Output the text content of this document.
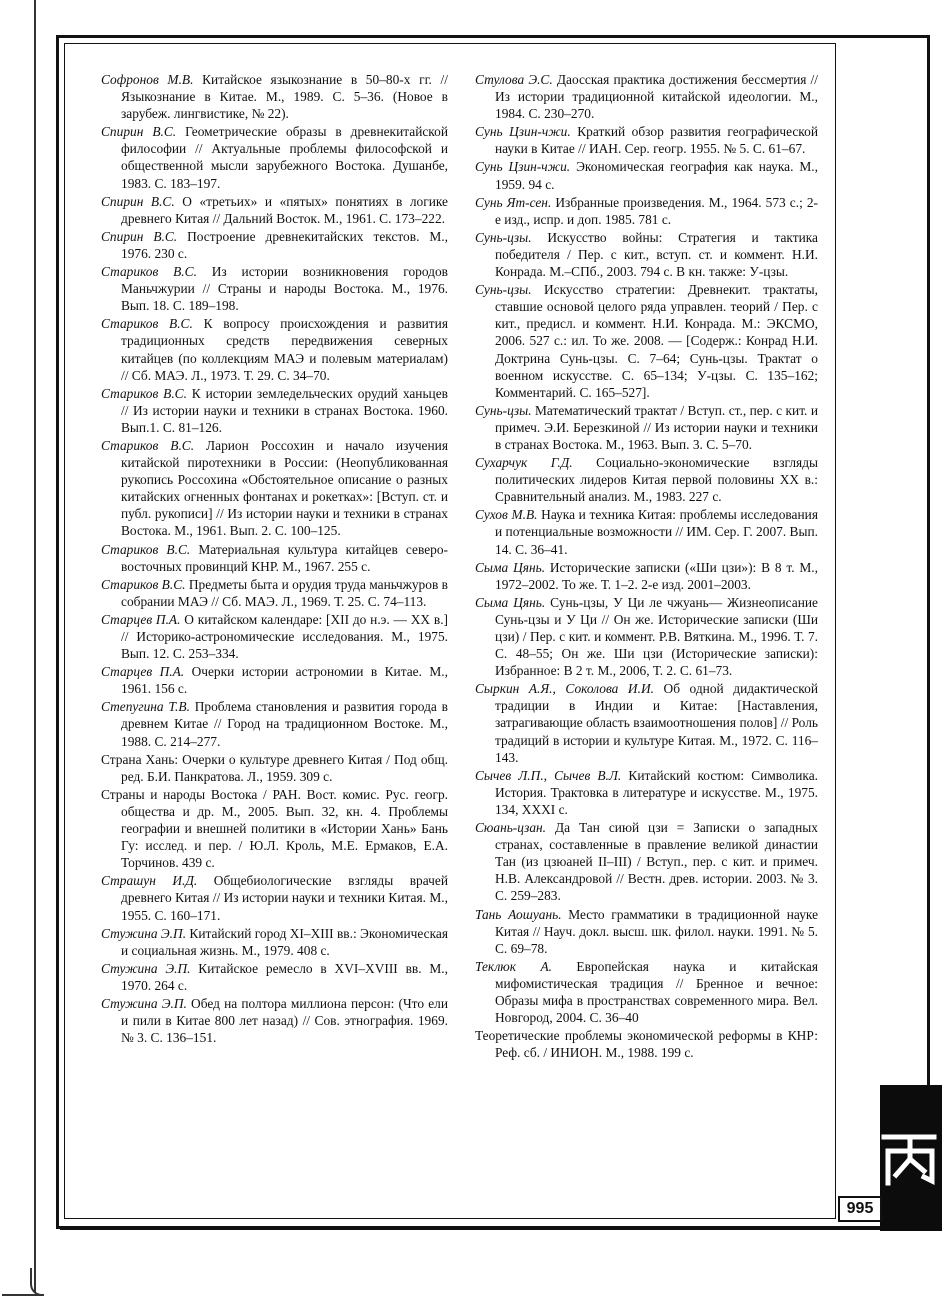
995

Софронов М.В. Китайское языкознание в 50–80-х гг. // Языкознание в Китае. М., 1989. С. 5–36. (Новое в зарубеж. лингвистике, № 22).

Спирин В.С. Геометрические образы в древнекитайской философии // Актуальные проблемы философской и общественной мысли зарубежного Востока. Душанбе, 1983. С. 183–197.

Спирин В.С. О «третьих» и «пятых» понятиях в логике древнего Китая // Дальний Восток. М., 1961. С. 173–222.

Спирин В.С. Построение древнекитайских текстов. М., 1976. 230 с.

Стариков В.С. Из истории возникновения городов Маньчжурии // Страны и народы Востока. М., 1976. Вып. 18. С. 189–198.

Стариков В.С. К вопросу происхождения и развития традиционных средств передвижения северных китайцев (по коллекциям МАЭ и полевым материалам) // Сб. МАЭ. Л., 1973. Т. 29. С. 34–70.

Стариков В.С. К истории земледельческих орудий ханьцев // Из истории науки и техники в странах Востока. 1960. Вып.1. С. 81–126.

Стариков В.С. Ларион Россохин и начало изучения китайской пиротехники в России: (Неопубликованная рукопись Россохина «Обстоятельное описание о разных китайских огненных фонтанах и рокетках»: [Вступ. ст. и публ. рукописи] // Из истории науки и техники в странах Востока. М., 1961. Вып. 2. С. 100–125.

Стариков В.С. Материальная культура китайцев северо-восточных провинций КНР. М., 1967. 255 с.

Стариков В.С. Предметы быта и орудия труда маньчжуров в собрании МАЭ // Сб. МАЭ. Л., 1969. Т. 25. С. 74–113.

Старцев П.А. О китайском календаре: [XII до н.э. — XX в.] // Историко-астрономические исследования. М., 1975. Вып. 12. С. 253–334.

Старцев П.А. Очерки истории астрономии в Китае. М., 1961. 156 с.

Степугина Т.В. Проблема становления и развития города в древнем Китае // Город на традиционном Востоке. М., 1988. С. 214–277.

Страна Хань: Очерки о культуре древнего Китая / Под общ. ред. Б.И. Панкратова. Л., 1959. 309 с.

Страны и народы Востока / РАН. Вост. комис. Рус. геогр. общества и др. М., 2005. Вып. 32, кн. 4. Проблемы географии и внешней политики в «Истории Хань» Бань Гу: исслед. и пер. / Ю.Л. Кроль, М.Е. Ермаков, Е.А. Торчинов. 439 с.

Страшун И.Д. Общебиологические взгляды врачей древнего Китая // Из истории науки и техники Китая. М., 1955. С. 160–171.

Стужина Э.П. Китайский город XI–XIII вв.: Экономическая и социальная жизнь. М., 1979. 408 с.

Стужина Э.П. Китайское ремесло в XVI–XVIII вв. М., 1970. 264 с.

Стужина Э.П. Обед на полтора миллиона персон: (Что ели и пили в Китае 800 лет назад) // Сов. этнография. 1969. № 3. С. 136–151.

Стулова Э.С. Даосская практика достижения бессмертия // Из истории традиционной китайской идеологии. М., 1984. С. 230–270.

Сунь Цзин-чжи. Краткий обзор развития географической науки в Китае // ИАН. Сер. геогр. 1955. № 5. С. 61–67.

Сунь Цзин-чжи. Экономическая география как наука. М., 1959. 94 с.

Сунь Ят-сен. Избранные произведения. М., 1964. 573 с.; 2-е изд., испр. и доп. 1985. 781 с.

Сунь-цзы. Искусство войны: Стратегия и тактика победителя / Пер. с кит., вступ. ст. и коммент. Н.И. Конрада. М.–СПб., 2003. 794 с. В кн. также: У-цзы.

Сунь-цзы. Искусство стратегии: Древнекит. трактаты, ставшие основой целого ряда управлен. теорий / Пер. с кит., предисл. и коммент. Н.И. Конрада. М.: ЭКСМО, 2006. 527 с.: ил. То же. 2008. — [Содерж.: Конрад Н.И. Доктрина Сунь-цзы. С. 7–64; Сунь-цзы. Трактат о военном искусстве. С. 65–134; У-цзы. С. 135–162; Комментарий. С. 165–527].

Сунь-цзы. Математический трактат / Вступ. ст., пер. с кит. и примеч. Э.И. Березкиной // Из истории науки и техники в странах Востока. М., 1963. Вып. 3. С. 5–70.

Сухарчук Г.Д. Социально-экономические взгляды политических лидеров Китая первой половины XX в.: Сравнительный анализ. М., 1983. 227 с.

Сухов М.В. Наука и техника Китая: проблемы исследования и потенциальные возможности // ИМ. Сер. Г. 2007. Вып. 14. С. 36–41.

Сыма Цянь. Исторические записки («Ши цзи»): В 8 т. М., 1972–2002. То же. Т. 1–2. 2-е изд. 2001–2003.

Сыма Цянь. Сунь-цзы, У Ци ле чжуань— Жизнеописание Сунь-цзы и У Ци // Он же. Исторические записки (Ши цзи) / Пер. с кит. и коммент. Р.В. Вяткина. М., 1996. Т. 7. С. 48–55; Он же. Ши цзи (Исторические записки): Избранное: В 2 т. М., 2006, Т. 2. С. 61–73.

Сыркин А.Я., Соколова И.И. Об одной дидактической традиции в Индии и Китае: [Наставления, затрагивающие область взаимоотношения полов] // Роль традиций в истории и культуре Китая. М., 1972. С. 116–143.

Сычев Л.П., Сычев В.Л. Китайский костюм: Символика. История. Трактовка в литературе и искусстве. М., 1975. 134, XXXI с.

Сюань-цзан. Да Тан сиюй цзи = Записки о западных странах, составленные в правление великой династии Тан (из цзюаней II–III) / Вступ., пер. с кит. и примеч. Н.В. Александровой // Вестн. древ. истории. 2003. № 3. С. 259–283.

Тань Аошуань. Место грамматики в традиционной науке Китая // Науч. докл. высш. шк. филол. науки. 1991. № 5. С. 69–78.

Теклюк А. Европейская наука и китайская мифомистическая традиция // Бренное и вечное: Образы мифа в пространствах современного мира. Вел. Новгород, 2004. С. 36–40

Теоретические проблемы экономической реформы в КНР: Реф. сб. / ИНИОН. М., 1988. 199 с.
